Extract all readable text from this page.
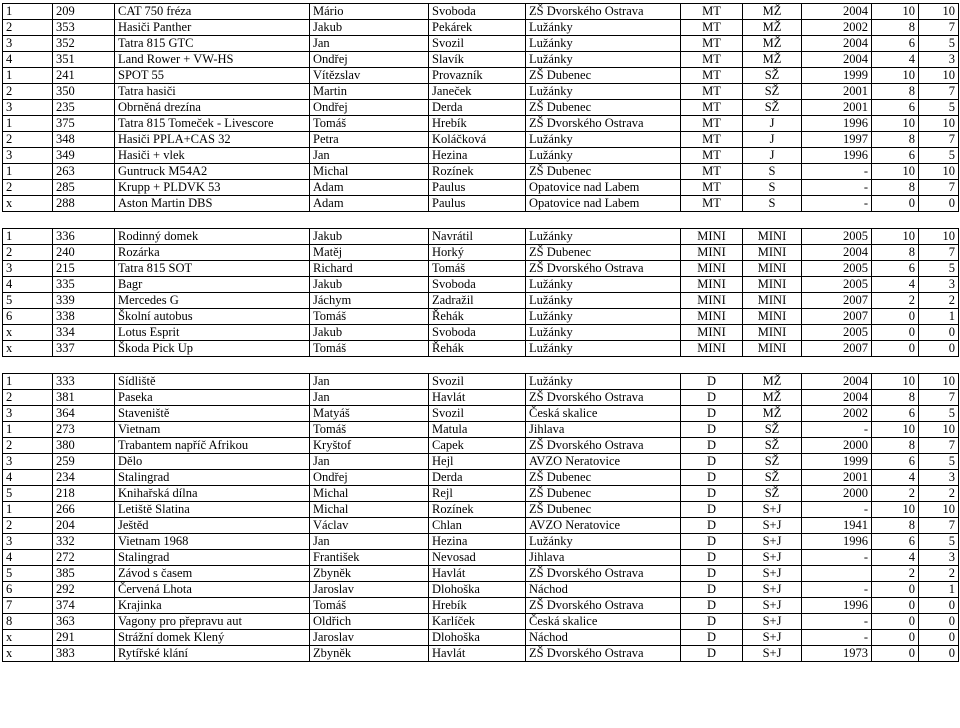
1	209	CAT 750 fréza	Mário	Svoboda	ZŠ Dvorského Ostrava	MT	MŽ	2004	10	10
2	353	Hasiči Panther	Jakub	Pekárek	Lužánky	MT	MŽ	2002	8	7
3	352	Tatra 815 GTC	Jan	Svozil	Lužánky	MT	MŽ	2004	6	5
4	351	Land Rower + VW-HS	Ondřej	Slavík	Lužánky	MT	MŽ	2004	4	3
1	241	SPOT 55	Vítězslav	Provazník	ZŠ Dubenec	MT	SŽ	1999	10	10
2	350	Tatra hasiči	Martin	Janeček	Lužánky	MT	SŽ	2001	8	7
3	235	Obrněná drezína	Ondřej	Derda	ZŠ Dubenec	MT	SŽ	2001	6	5
1	375	Tatra 815 Tomeček - Livescore	Tomáš	Hrebík	ZŠ Dvorského Ostrava	MT	J	1996	10	10
2	348	Hasiči PPLA+CAS 32	Petra	Koláčková	Lužánky	MT	J	1997	8	7
3	349	Hasiči + vlek	Jan	Hezina	Lužánky	MT	J	1996	6	5
1	263	Guntruck M54A2	Michal	Rozínek	ZŠ Dubenec	MT	S	-	10	10
2	285	Krupp + PLDVK 53	Adam	Paulus	Opatovice nad Labem	MT	S	-	8	7
x	288	Aston Martin DBS	Adam	Paulus	Opatovice nad Labem	MT	S	-	0	0

1	336	Rodinný domek	Jakub	Navrátil	Lužánky	MINI	MINI	2005	10	10
2	240	Rozárka	Matěj	Horký	ZŠ Dubenec	MINI	MINI	2004	8	7
3	215	Tatra 815 SOT	Richard	Tomáš	ZŠ Dvorského Ostrava	MINI	MINI	2005	6	5
4	335	Bagr	Jakub	Svoboda	Lužánky	MINI	MINI	2005	4	3
5	339	Mercedes G	Jáchym	Zadražil	Lužánky	MINI	MINI	2007	2	2
6	338	Školní autobus	Tomáš	Řehák	Lužánky	MINI	MINI	2007	0	1
x	334	Lotus Esprit	Jakub	Svoboda	Lužánky	MINI	MINI	2005	0	0
x	337	Škoda Pick Up	Tomáš	Řehák	Lužánky	MINI	MINI	2007	0	0

1	333	Sídliště	Jan	Svozil	Lužánky	D	MŽ	2004	10	10
2	381	Paseka	Jan	Havlát	ZŠ Dvorského Ostrava	D	MŽ	2004	8	7
3	364	Staveniště	Matyáš	Svozil	Česká skalice	D	MŽ	2002	6	5
1	273	Vietnam	Tomáš	Matula	Jihlava	D	SŽ	-	10	10
2	380	Trabantem napříč Afrikou	Kryštof	Capek	ZŠ Dvorského Ostrava	D	SŽ	2000	8	7
3	259	Dělo	Jan	Hejl	AVZO Neratovice	D	SŽ	1999	6	5
4	234	Stalingrad	Ondřej	Derda	ZŠ Dubenec	D	SŽ	2001	4	3
5	218	Knihařská dílna	Michal	Rejl	ZŠ Dubenec	D	SŽ	2000	2	2
1	266	Letiště Slatina	Michal	Rozínek	ZŠ Dubenec	D	S+J	-	10	10
2	204	Ještěd	Václav	Chlan	AVZO Neratovice	D	S+J	1941	8	7
3	332	Vietnam 1968	Jan	Hezina	Lužánky	D	S+J	1996	6	5
4	272	Stalingrad	František	Nevosad	Jihlava	D	S+J	-	4	3
5	385	Závod s časem	Zbyněk	Havlát	ZŠ Dvorského Ostrava	D	S+J		2	2
6	292	Červená Lhota	Jaroslav	Dlohoška	Náchod	D	S+J	-	0	1
7	374	Krajinka	Tomáš	Hrebík	ZŠ Dvorského Ostrava	D	S+J	1996	0	0
8	363	Vagony pro přepravu aut	Oldřich	Karlíček	Česká skalice	D	S+J	-	0	0
x	291	Strážní domek Klený	Jaroslav	Dlohoška	Náchod	D	S+J	-	0	0
x	383	Rytířské klání	Zbyněk	Havlát	ZŠ Dvorského Ostrava	D	S+J	1973	0	0
